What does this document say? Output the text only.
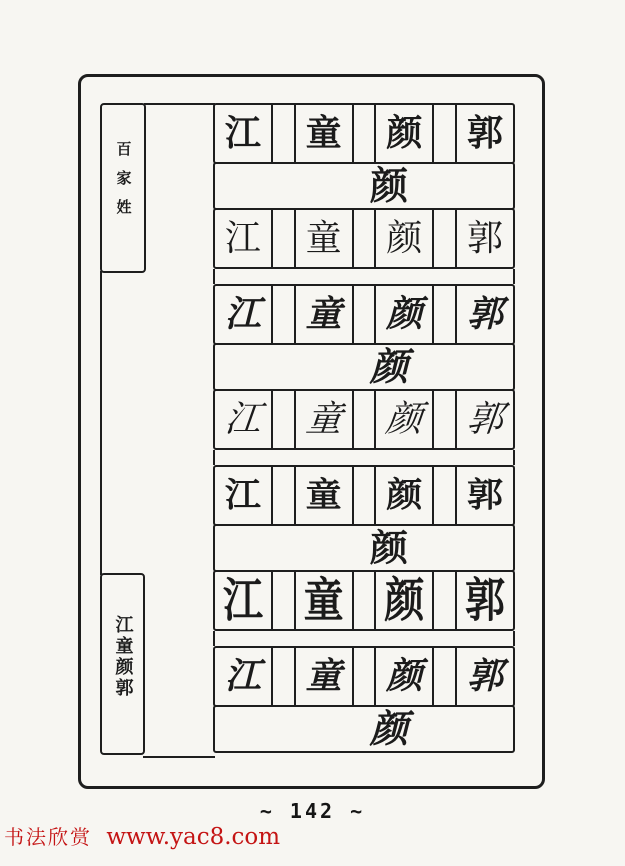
百家姓
江童颜郭
江 童 颜 郭
颜
江 童 颜 郭
江 童 颜 郭
颜
江 童 颜 郭
江 童 颜 郭
颜
江 童 颜 郭
江 童 颜 郭
颜
~ 142 ~
书法欣赏 www.yac8.com
